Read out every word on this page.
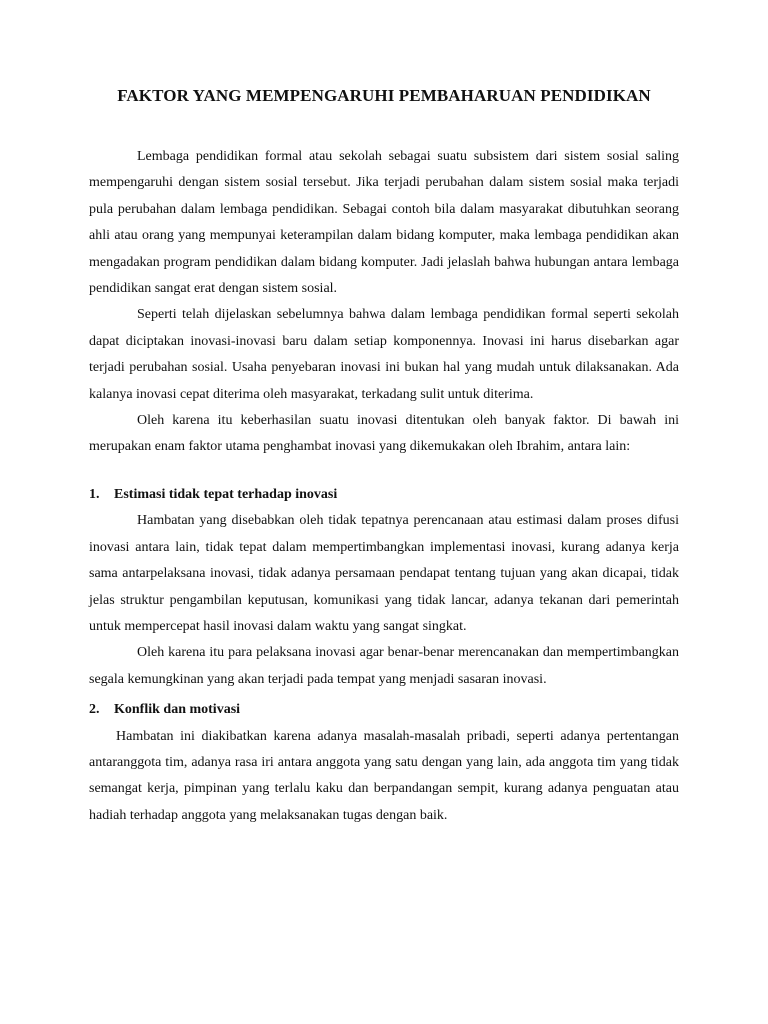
FAKTOR YANG MEMPENGARUHI PEMBAHARUAN PENDIDIKAN

Lembaga pendidikan formal atau sekolah sebagai suatu subsistem dari sistem sosial saling mempengaruhi dengan sistem sosial tersebut. Jika terjadi perubahan dalam sistem sosial maka terjadi pula perubahan dalam lembaga pendidikan. Sebagai contoh bila dalam masyarakat dibutuhkan seorang ahli atau orang yang mempunyai keterampilan dalam bidang komputer, maka lembaga pendidikan akan mengadakan program pendidikan dalam bidang komputer. Jadi jelaslah bahwa hubungan antara lembaga pendidikan sangat erat dengan sistem sosial.

Seperti telah dijelaskan sebelumnya bahwa dalam lembaga pendidikan formal seperti sekolah dapat diciptakan inovasi-inovasi baru dalam setiap komponennya. Inovasi ini harus disebarkan agar terjadi perubahan sosial. Usaha penyebaran inovasi ini bukan hal yang mudah untuk dilaksanakan. Ada kalanya inovasi cepat diterima oleh masyarakat, terkadang sulit untuk diterima.

Oleh karena itu keberhasilan suatu inovasi ditentukan oleh banyak faktor. Di bawah ini merupakan enam faktor utama penghambat inovasi yang dikemukakan oleh Ibrahim, antara lain:

1. Estimasi tidak tepat terhadap inovasi

Hambatan yang disebabkan oleh tidak tepatnya perencanaan atau estimasi dalam proses difusi inovasi antara lain, tidak tepat dalam mempertimbangkan implementasi inovasi, kurang adanya kerja sama antarpelaksana inovasi, tidak adanya persamaan pendapat tentang tujuan yang akan dicapai, tidak jelas struktur pengambilan keputusan, komunikasi yang tidak lancar, adanya tekanan dari pemerintah untuk mempercepat hasil inovasi dalam waktu yang sangat singkat.

Oleh karena itu para pelaksana inovasi agar benar-benar merencanakan dan mempertimbangkan segala kemungkinan yang akan terjadi pada tempat yang menjadi sasaran inovasi.

2. Konflik dan motivasi

Hambatan ini diakibatkan karena adanya masalah-masalah pribadi, seperti adanya pertentangan antaranggota tim, adanya rasa iri antara anggota yang satu dengan yang lain, ada anggota tim yang tidak semangat kerja, pimpinan yang terlalu kaku dan berpandangan sempit, kurang adanya penguatan atau hadiah terhadap anggota yang melaksanakan tugas dengan baik.
